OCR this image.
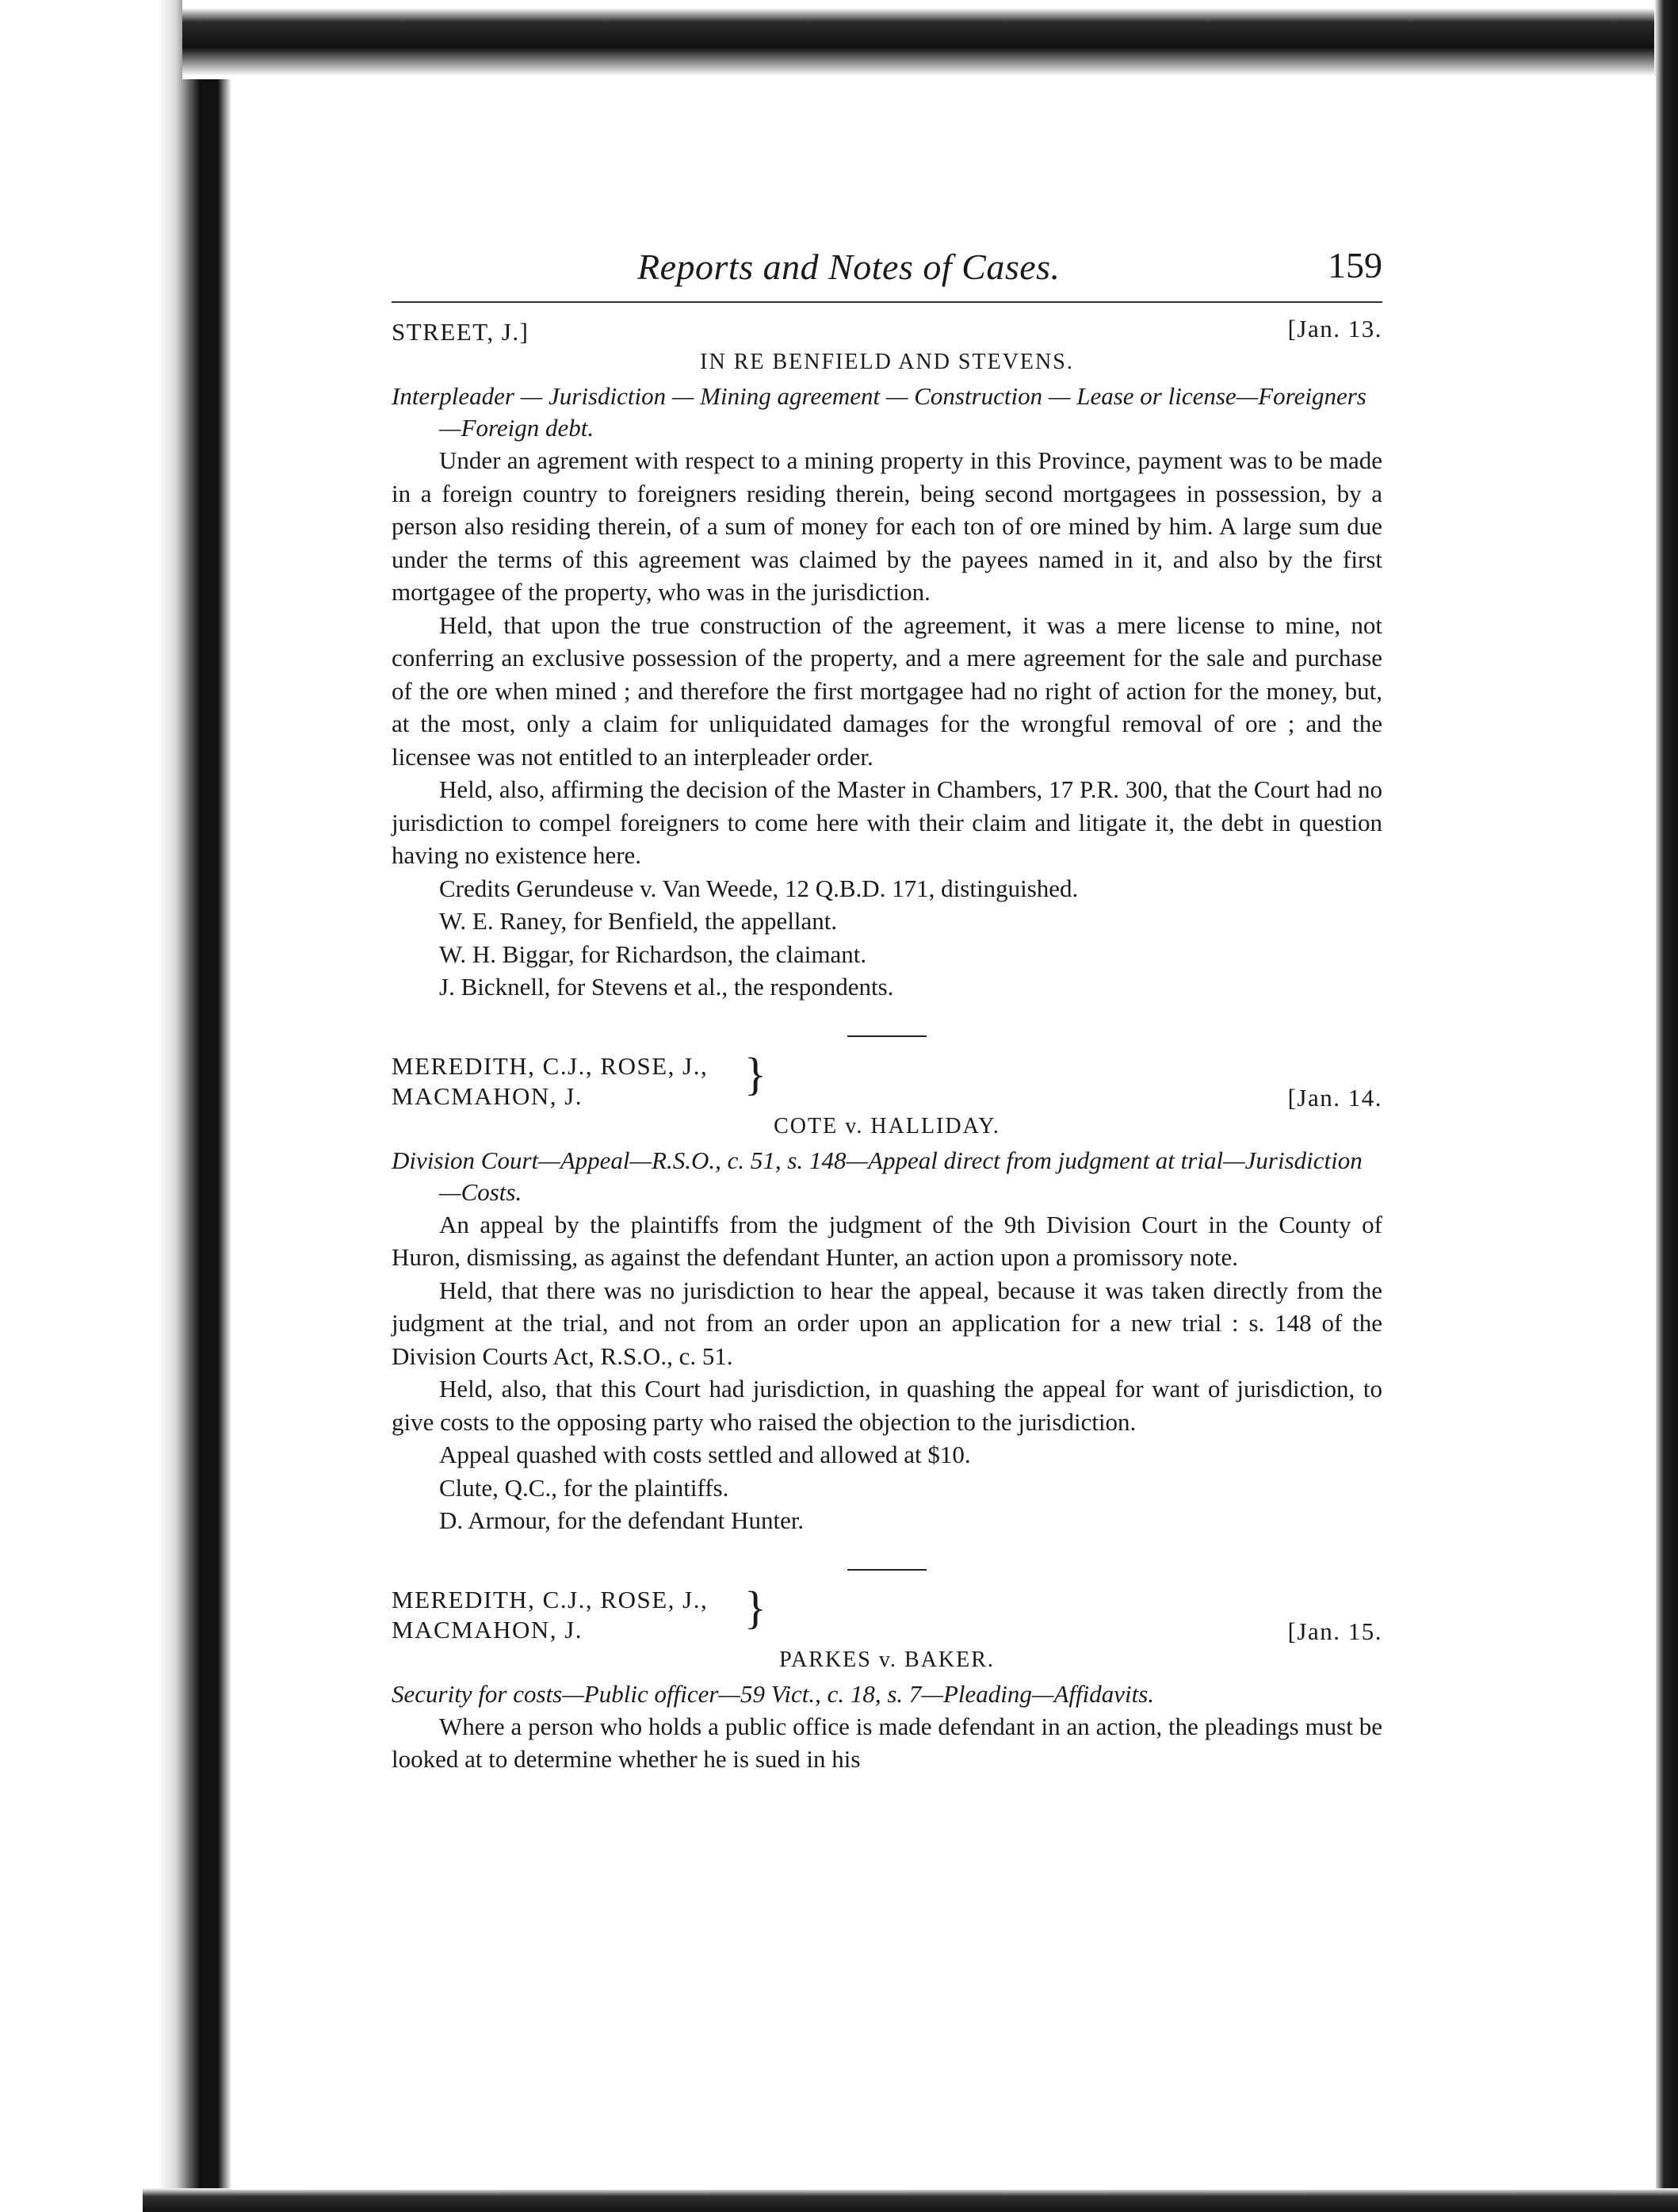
Reports and Notes of Cases.	159
STREET, J.]	[Jan. 13.
IN RE BENFIELD AND STEVENS.
Interpleader — Jurisdiction — Mining agreement — Construction — Lease or license—Foreigners—Foreign debt.

Under an agrement with respect to a mining property in this Province, payment was to be made in a foreign country to foreigners residing therein, being second mortgagees in possession, by a person also residing therein, of a sum of money for each ton of ore mined by him. A large sum due under the terms of this agreement was claimed by the payees named in it, and also by the first mortgagee of the property, who was in the jurisdiction.

Held, that upon the true construction of the agreement, it was a mere license to mine, not conferring an exclusive possession of the property, and a mere agreement for the sale and purchase of the ore when mined ; and therefore the first mortgagee had no right of action for the money, but, at the most, only a claim for unliquidated damages for the wrongful removal of ore ; and the licensee was not entitled to an interpleader order.

Held, also, affirming the decision of the Master in Chambers, 17 P.R. 300, that the Court had no jurisdiction to compel foreigners to come here with their claim and litigate it, the debt in question having no existence here.

Credits Gerundeuse v. Van Weede, 12 Q.B.D. 171, distinguished.
W. E. Raney, for Benfield, the appellant.
W. H. Biggar, for Richardson, the claimant.
J. Bicknell, for Stevens et al., the respondents.
MEREDITH, C.J., ROSE, J.,
MACMAHON, J.	}	[Jan. 14.
COTE v. HALLIDAY.
Division Court—Appeal—R.S.O., c. 51, s. 148—Appeal direct from judgment at trial—Jurisdiction—Costs.

An appeal by the plaintiffs from the judgment of the 9th Division Court in the County of Huron, dismissing, as against the defendant Hunter, an action upon a promissory note.

Held, that there was no jurisdiction to hear the appeal, because it was taken directly from the judgment at the trial, and not from an order upon an application for a new trial : s. 148 of the Division Courts Act, R.S.O., c. 51.

Held, also, that this Court had jurisdiction, in quashing the appeal for want of jurisdiction, to give costs to the opposing party who raised the objection to the jurisdiction.

Appeal quashed with costs settled and allowed at $10.
Clute, Q.C., for the plaintiffs.
D. Armour, for the defendant Hunter.
MEREDITH, C.J., ROSE, J.,
MACMAHON, J.	}	[Jan. 15.
PARKES v. BAKER.
Security for costs—Public officer—59 Vict., c. 18, s. 7—Pleading—Affidavits.

Where a person who holds a public office is made defendant in an action, the pleadings must be looked at to determine whether he is sued in his
